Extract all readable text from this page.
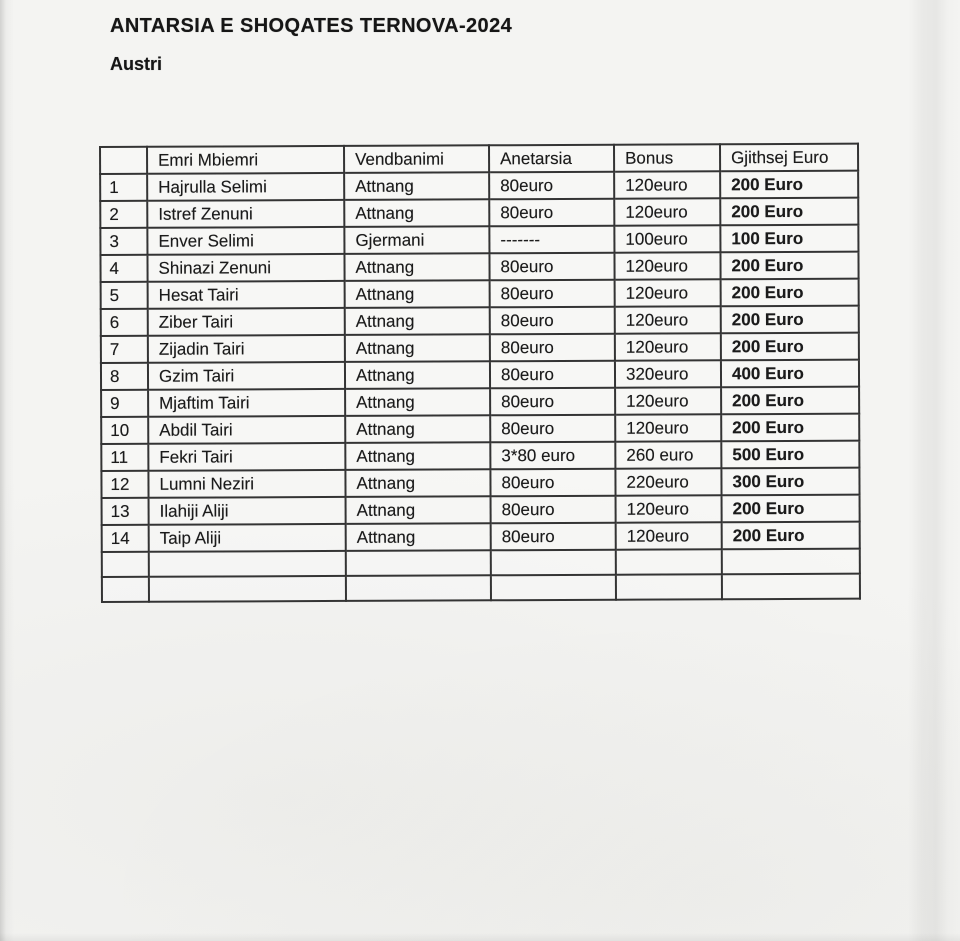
ANTARSIA E SHOQATES TERNOVA-2024
Austri
	Emri Mbiemri	Vendbanimi	Anetarsia	Bonus	Gjithsej Euro
1	Hajrulla Selimi	Attnang	80euro	120euro	200 Euro
2	Istref Zenuni	Attnang	80euro	120euro	200 Euro
3	Enver Selimi	Gjermani	-------	100euro	100 Euro
4	Shinazi Zenuni	Attnang	80euro	120euro	200 Euro
5	Hesat Tairi	Attnang	80euro	120euro	200 Euro
6	Ziber Tairi	Attnang	80euro	120euro	200 Euro
7	Zijadin Tairi	Attnang	80euro	120euro	200 Euro
8	Gzim Tairi	Attnang	80euro	320euro	400 Euro
9	Mjaftim Tairi	Attnang	80euro	120euro	200 Euro
10	Abdil Tairi	Attnang	80euro	120euro	200 Euro
11	Fekri Tairi	Attnang	3*80 euro	260 euro	500 Euro
12	Lumni Neziri	Attnang	80euro	220euro	300 Euro
13	Ilahiji Aliji	Attnang	80euro	120euro	200 Euro
14	Taip Aliji	Attnang	80euro	120euro	200 Euro
